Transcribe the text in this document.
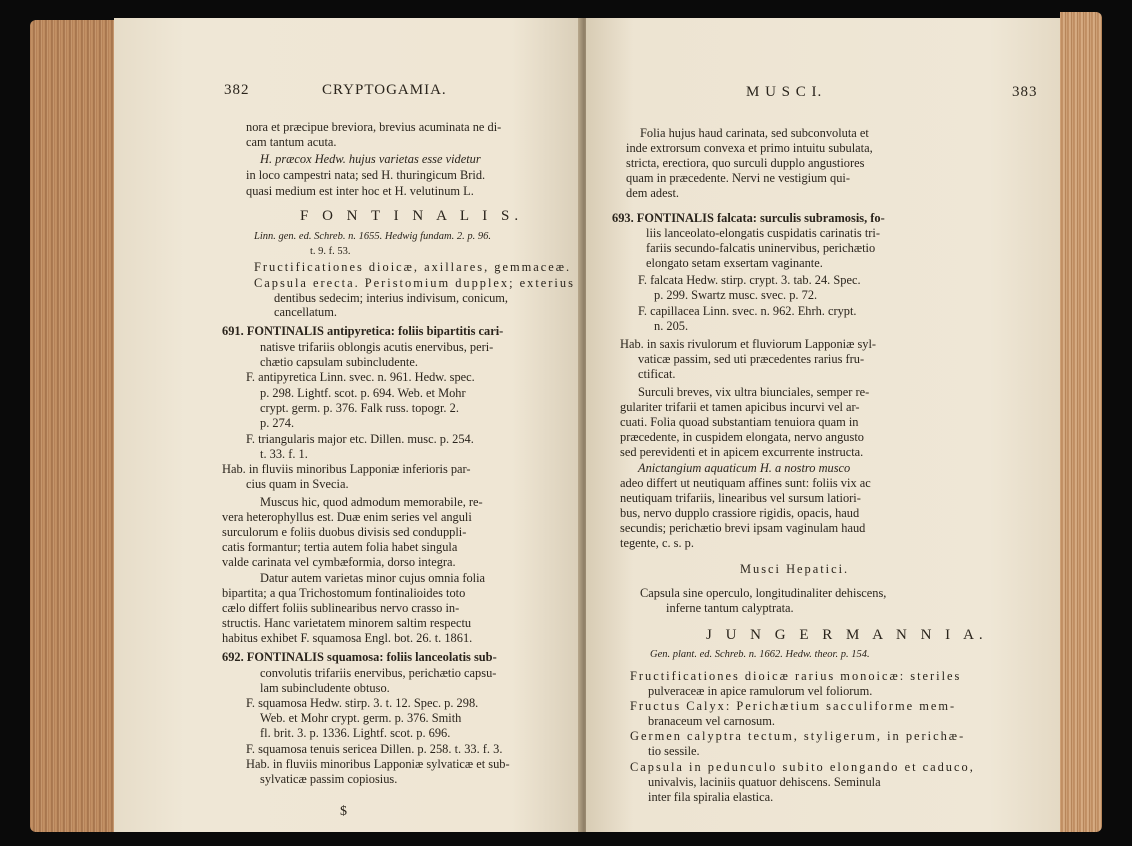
382	CRYPTOGAMIA.
nora et præcipue breviora, brevius acuminata ne di-
cam tantum acuta.
H. præcox Hedw. hujus varietas esse videtur
in loco campestri nata; sed H. thuringicum Brid.
quasi medium est inter hoc et H. velutinum L.
F O N T I N A L I S.
Linn. gen. ed. Schreb. n. 1655. Hedwig fundam. 2. p. 96.
t. 9. f. 53.
Fructificationes dioicæ, axillares, gemmaceæ.
Capsula erecta. Peristomium dupplex; exterius
dentibus sedecim; interius indivisum, conicum,
cancellatum.
691. FONTINALIS antipyretica: foliis bipartitis cari-
natisve trifariis oblongis acutis enervibus, peri-
chætio capsulam subincludente.
F. antipyretica Linn. svec. n. 961. Hedw. spec.
p. 298. Lightf. scot. p. 694. Web. et Mohr
crypt. germ. p. 376. Falk russ. topogr. 2.
p. 274.
F. triangularis major etc. Dillen. musc. p. 254.
t. 33. f. 1.
Hab. in fluviis minoribus Lapponiæ inferioris par-
cius quam in Svecia.
Muscus hic, quod admodum memorabile, re-
vera heterophyllus est. Duæ enim series vel anguli
surculorum e foliis duobus divisis sed conduppli-
catis formantur; tertia autem folia habet singula
valde carinata vel cymbæformia, dorso integra.
Datur autem varietas minor cujus omnia folia
bipartita; a qua Trichostomum fontinalioides toto
cælo differt foliis sublinearibus nervo crasso in-
structis. Hanc varietatem minorem saltim respectu
habitus exhibet F. squamosa Engl. bot. 26. t. 1861.
692. FONTINALIS squamosa: foliis lanceolatis sub-
convolutis trifariis enervibus, perichætio capsu-
lam subincludente obtuso.
F. squamosa Hedw. stirp. 3. t. 12. Spec. p. 298.
Web. et Mohr crypt. germ. p. 376. Smith
fl. brit. 3. p. 1336. Lightf. scot. p. 696.
F. squamosa tenuis sericea Dillen. p. 258. t. 33. f. 3.
Hab. in fluviis minoribus Lapponiæ sylvaticæ et sub-
sylvaticæ passim copiosius.
$
M U S C I.	383
Folia hujus haud carinata, sed subconvoluta et
inde extrorsum convexa et primo intuitu subulata,
stricta, erectiora, quo surculi dupplo angustiores
quam in præcedente. Nervi ne vestigium qui-
dem adest.
693. FONTINALIS falcata: surculis subramosis, fo-
liis lanceolato-elongatis cuspidatis carinatis tri-
fariis secundo-falcatis uninervibus, perichætio
elongato setam exsertam vaginante.
F. falcata Hedw. stirp. crypt. 3. tab. 24. Spec.
p. 299. Swartz musc. svec. p. 72.
F. capillacea Linn. svec. n. 962. Ehrh. crypt.
n. 205.
Hab. in saxis rivulorum et fluviorum Lapponiæ syl-
vaticæ passim, sed uti præcedentes rarius fru-
ctificat.
Surculi breves, vix ultra biunciales, semper re-
gulariter trifarii et tamen apicibus incurvi vel ar-
cuati. Folia quoad substantiam tenuiora quam in
præcedente, in cuspidem elongata, nervo angusto
sed perevidenti et in apicem excurrente instructa.
Anictangium aquaticum H. a nostro musco
adeo differt ut neutiquam affines sunt: foliis vix ac
neutiquam trifariis, linearibus vel sursum latiori-
bus, nervo dupplo crassiore rigidis, opacis, haud
secundis; perichætio brevi ipsam vaginulam haud
tegente, c. s. p.
Musci Hepatici.
Capsula sine operculo, longitudinaliter dehiscens,
inferne tantum calyptrata.
J U N G E R M A N N I A.
Gen. plant. ed. Schreb. n. 1662. Hedw. theor. p. 154.
Fructificationes dioicæ rarius monoicæ: steriles
pulveraceæ in apice ramulorum vel foliorum.
Fructus Calyx: Perichætium sacculiforme mem-
branaceum vel carnosum.
Germen calyptra tectum, styligerum, in perichæ-
tio sessile.
Capsula in pedunculo subito elongando et caduco,
univalvis, laciniis quatuor dehiscens. Seminula
inter fila spiralia elastica.
